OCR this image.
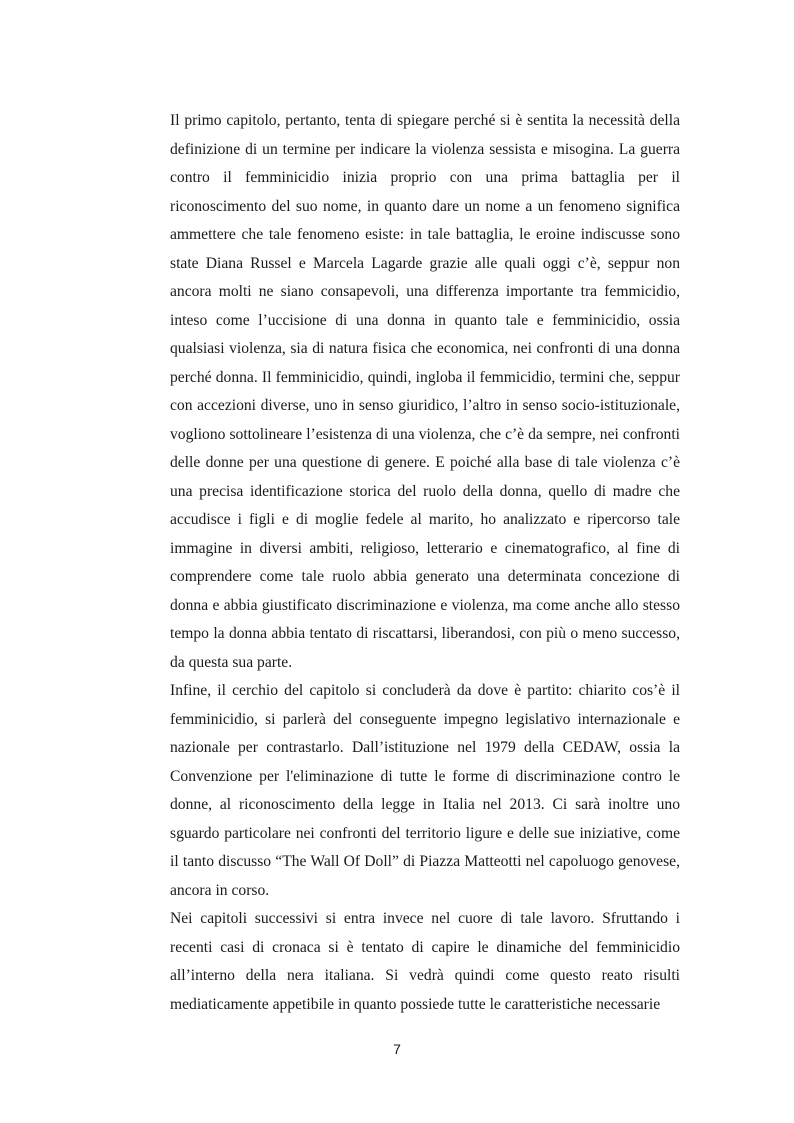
Il primo capitolo, pertanto, tenta di spiegare perché si è sentita la necessità della definizione di un termine per indicare la violenza sessista e misogina. La guerra contro il femminicidio inizia proprio con una prima battaglia per il riconoscimento del suo nome, in quanto dare un nome a un fenomeno significa ammettere che tale fenomeno esiste: in tale battaglia, le eroine indiscusse sono state Diana Russel e Marcela Lagarde grazie alle quali oggi c’è, seppur non ancora molti ne siano consapevoli, una differenza importante tra femmicidio, inteso come l’uccisione di una donna in quanto tale e femminicidio, ossia qualsiasi violenza, sia di natura fisica che economica, nei confronti di una donna perché donna. Il femminicidio, quindi, ingloba il femmicidio, termini che, seppur con accezioni diverse, uno in senso giuridico, l’altro in senso socio-istituzionale, vogliono sottolineare l’esistenza di una violenza, che c’è da sempre, nei confronti delle donne per una questione di genere. E poiché alla base di tale violenza c’è una precisa identificazione storica del ruolo della donna, quello di madre che accudisce i figli e di moglie fedele al marito, ho analizzato e ripercorso tale immagine in diversi ambiti, religioso, letterario e cinematografico, al fine di comprendere come tale ruolo abbia generato una determinata concezione di donna e abbia giustificato discriminazione e violenza, ma come anche allo stesso tempo la donna abbia tentato di riscattarsi, liberandosi, con più o meno successo, da questa sua parte.

Infine, il cerchio del capitolo si concluderà da dove è partito: chiarito cos’è il femminicidio, si parlerà del conseguente impegno legislativo internazionale e nazionale per contrastarlo. Dall’istituzione nel 1979 della CEDAW, ossia la Convenzione per l'eliminazione di tutte le forme di discriminazione contro le donne, al riconoscimento della legge in Italia nel 2013. Ci sarà inoltre uno sguardo particolare nei confronti del territorio ligure e delle sue iniziative, come il tanto discusso “The Wall Of Doll” di Piazza Matteotti nel capoluogo genovese, ancora in corso.

Nei capitoli successivi si entra invece nel cuore di tale lavoro. Sfruttando i recenti casi di cronaca si è tentato di capire le dinamiche del femminicidio all’interno della nera italiana. Si vedrà quindi come questo reato risulti mediaticamente appetibile in quanto possiede tutte le caratteristiche necessarie

7
